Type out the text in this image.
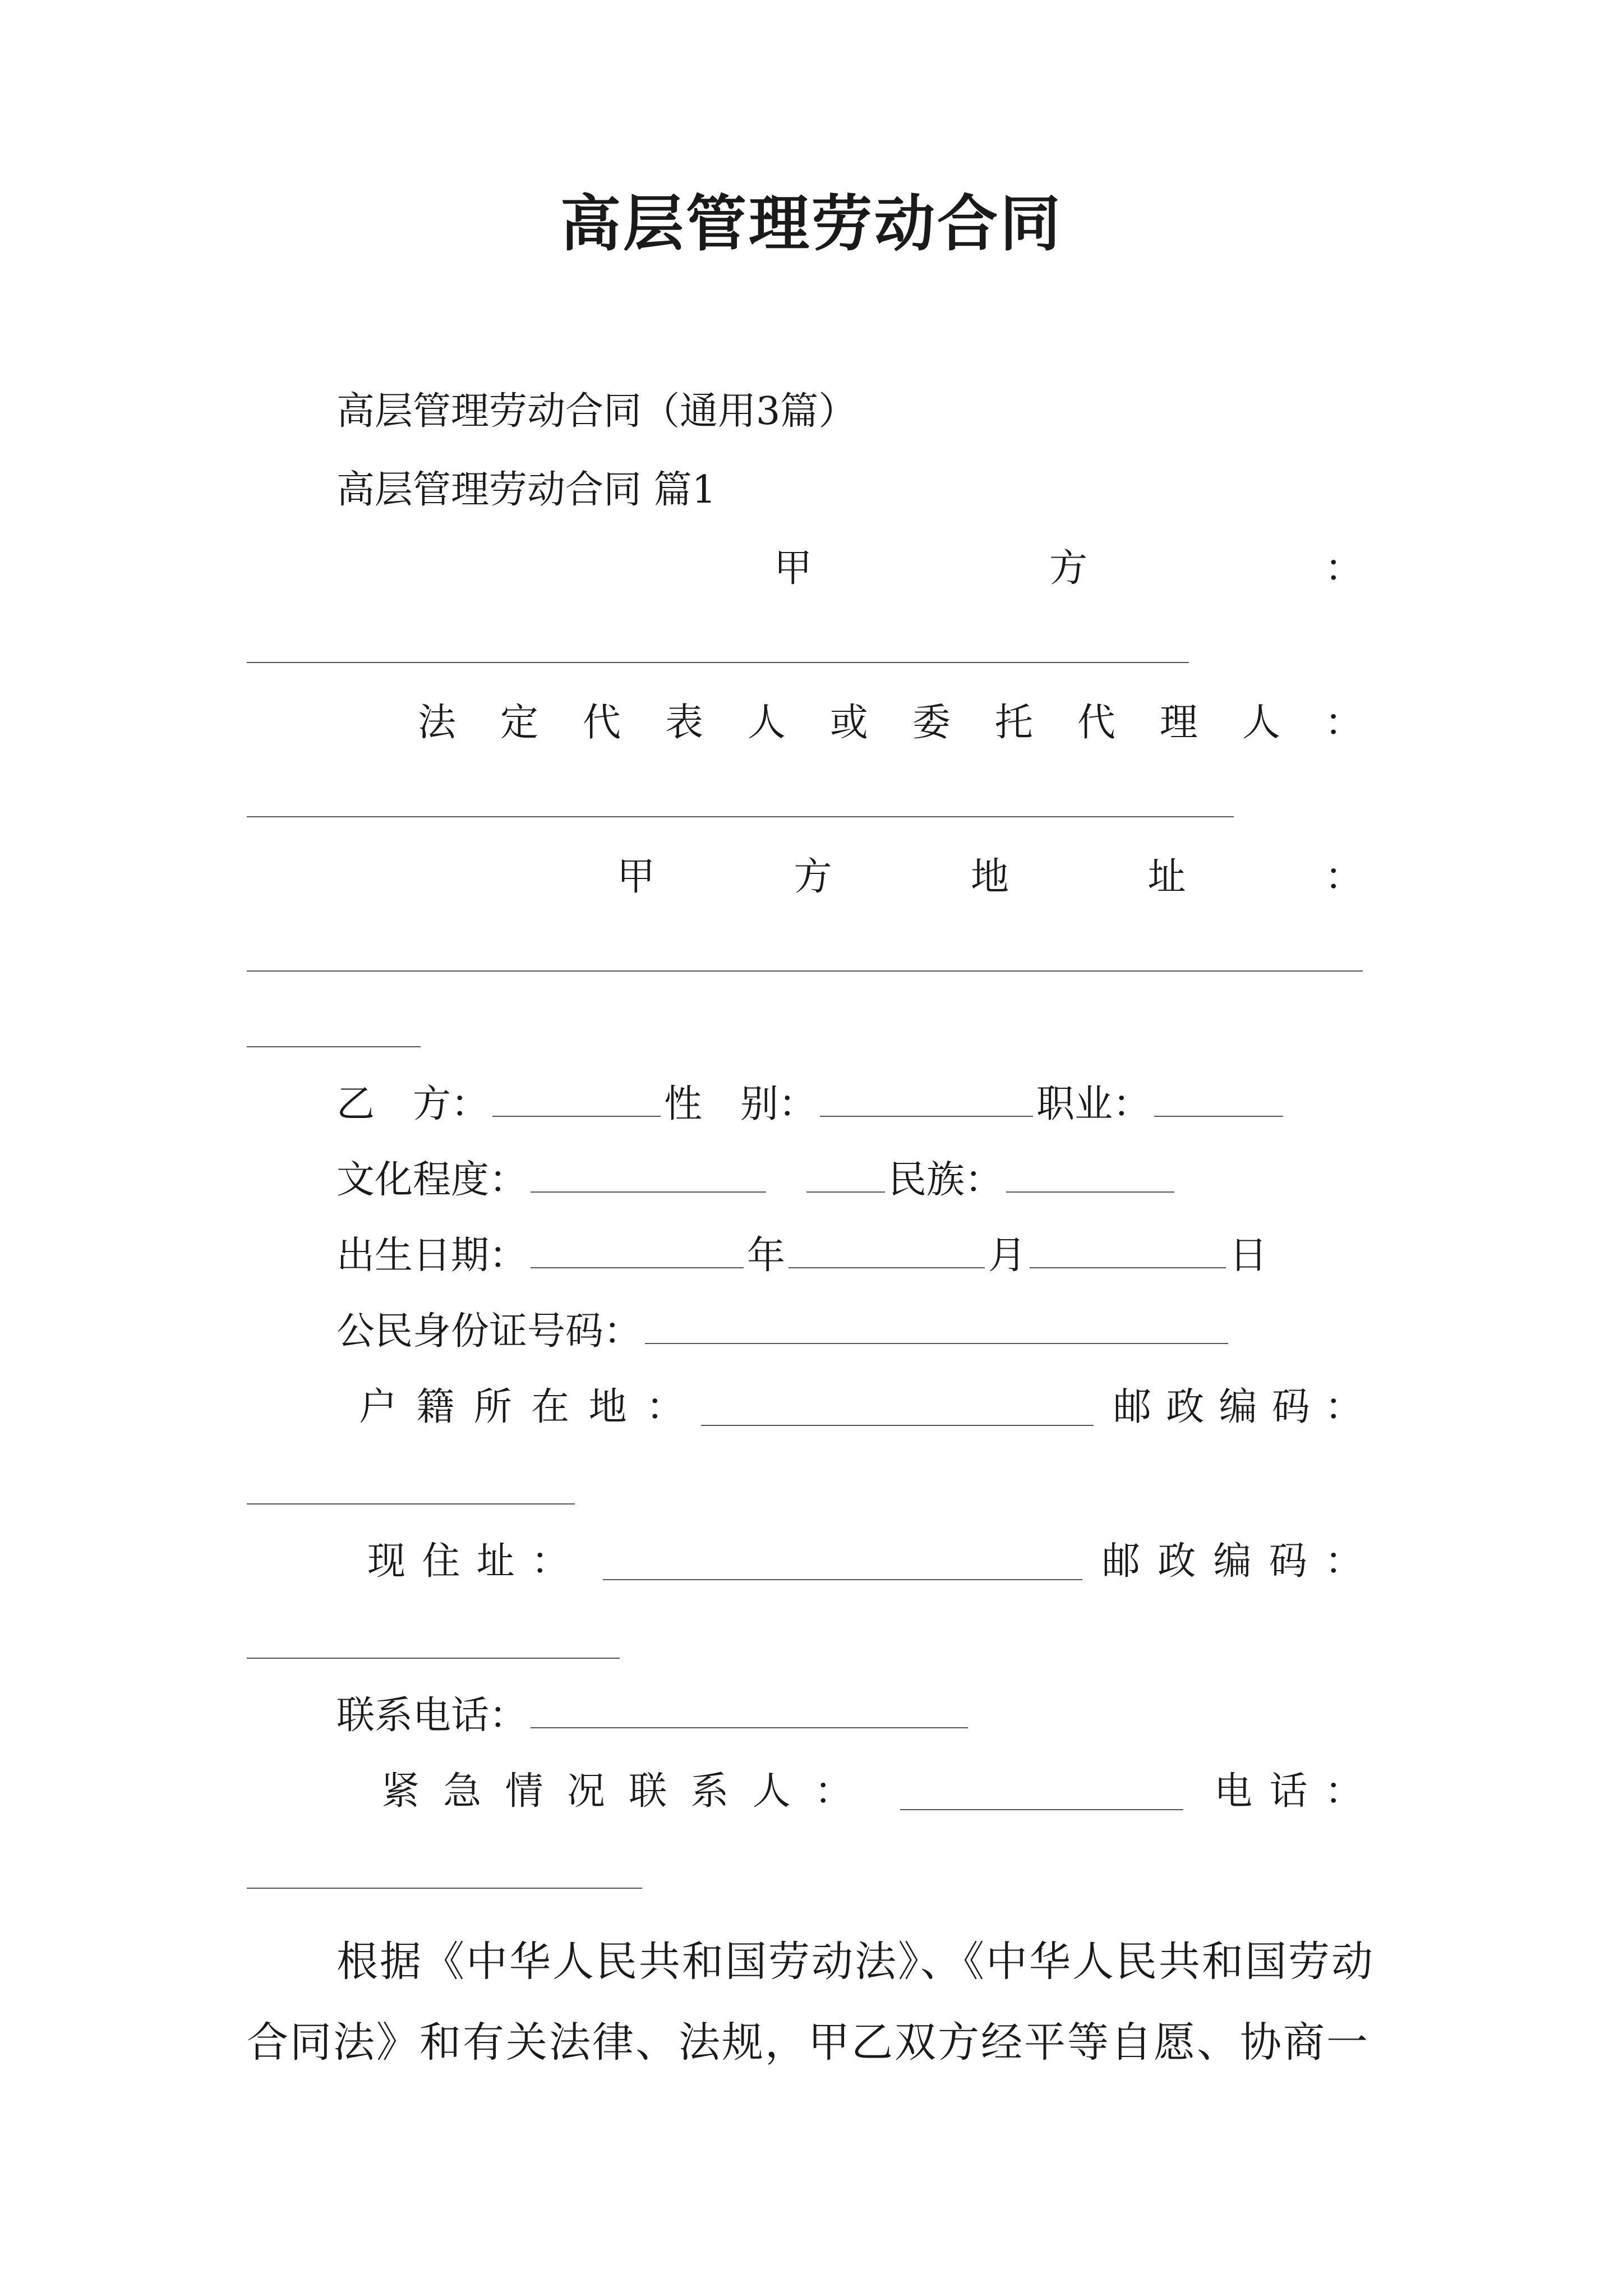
高层管理劳动合同
高层管理劳动合同（通用3篇）
高层管理劳动合同 篇1
甲	方	：
法 定 代 表 人 或 委 托 代 理 人 ：
甲	方	地	址	：
乙　方：	性　别：	职业：
文化程度：	民族：
出生日期：	年	月	日
公民身份证号码：
户 籍 所 在 地 ：	邮 政 编 码 ：
现 住 址 ：	邮 政 编 码 ：
联系电话：
紧 急 情 况 联 系 人 ：	电 话 ：
根据《中华人民共和国劳动法》、《中华人民共和国劳动合同法》和有关法律、法规，甲乙双方经平等自愿、协商一
